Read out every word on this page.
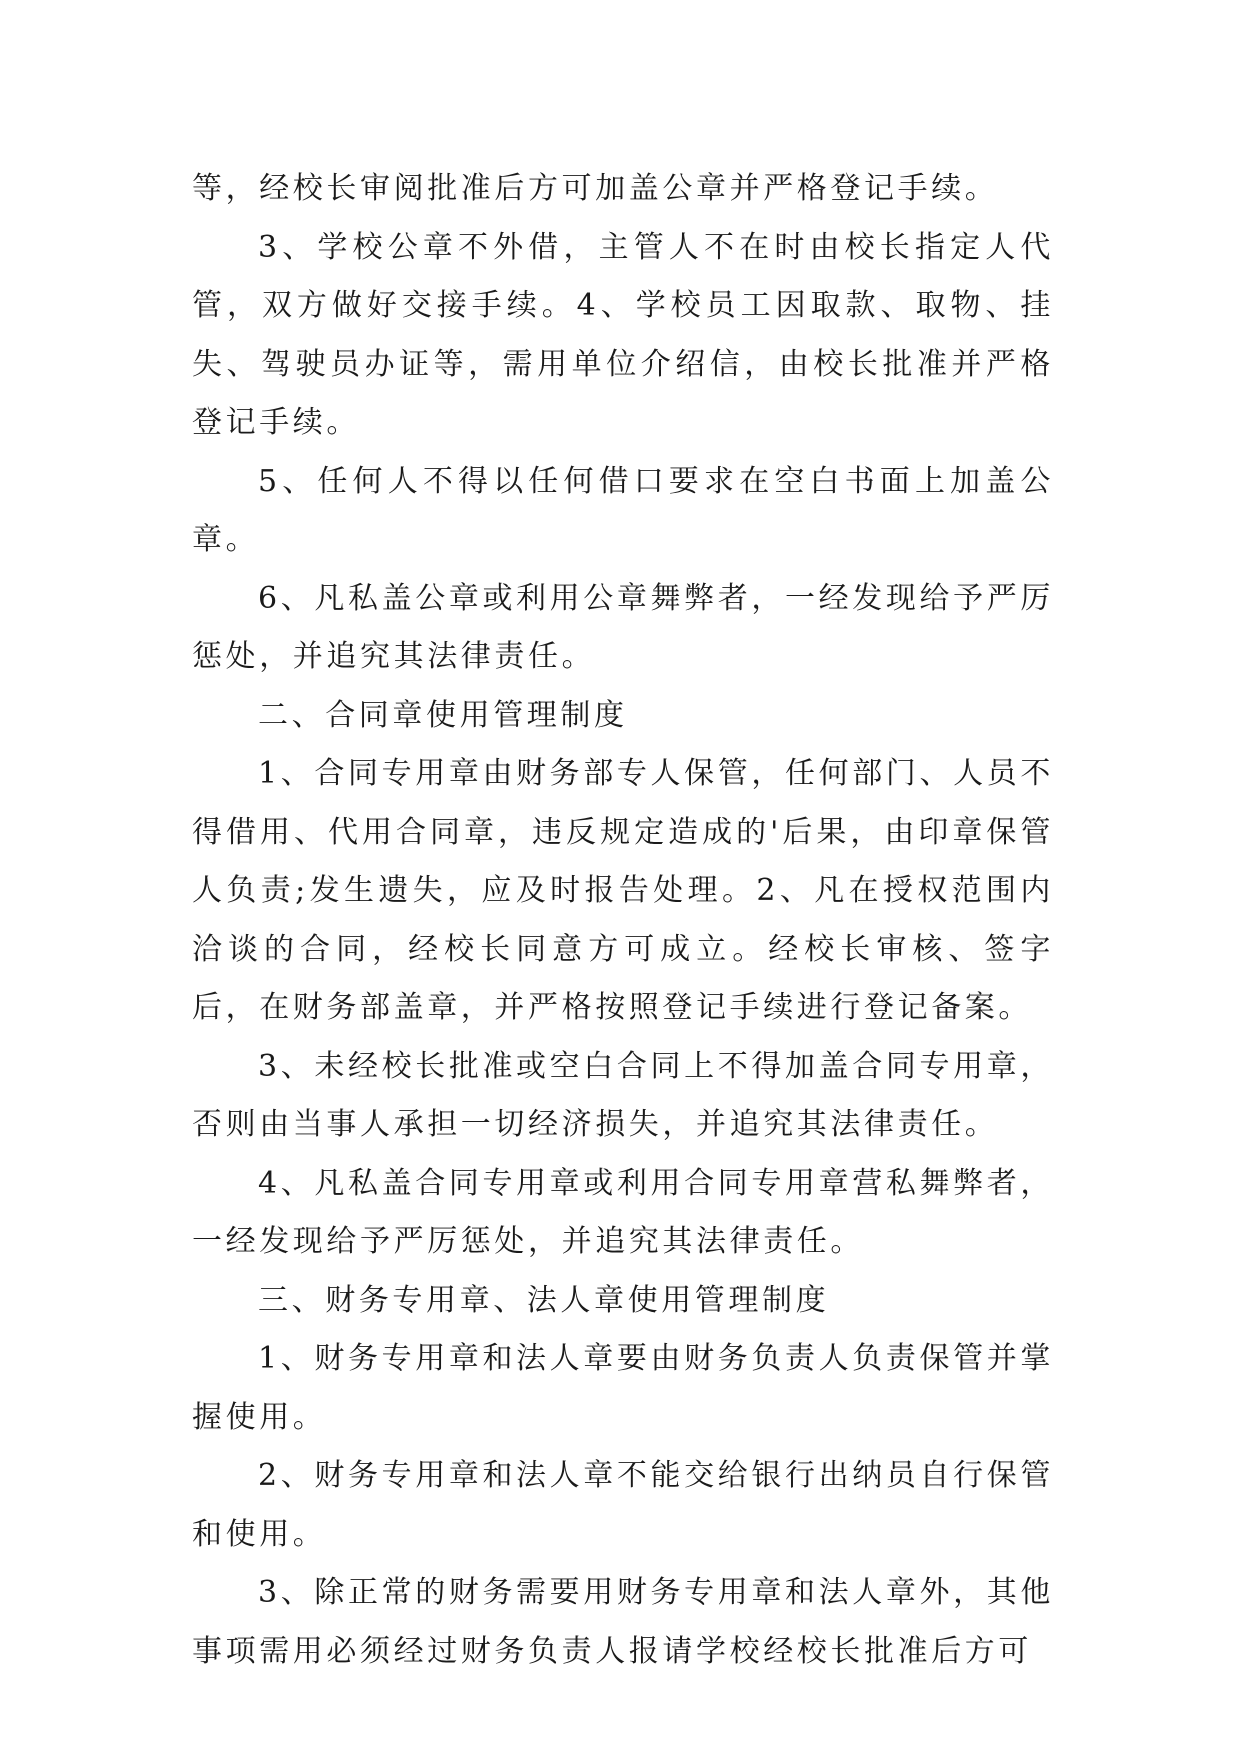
等，经校长审阅批准后方可加盖公章并严格登记手续。

3、学校公章不外借，主管人不在时由校长指定人代管，双方做好交接手续。4、学校员工因取款、取物、挂失、驾驶员办证等，需用单位介绍信，由校长批准并严格登记手续。

5、任何人不得以任何借口要求在空白书面上加盖公章。

6、凡私盖公章或利用公章舞弊者，一经发现给予严厉惩处，并追究其法律责任。

二、合同章使用管理制度

1、合同专用章由财务部专人保管，任何部门、人员不得借用、代用合同章，违反规定造成的'后果，由印章保管人负责;发生遗失，应及时报告处理。2、凡在授权范围内洽谈的合同，经校长同意方可成立。经校长审核、签字后，在财务部盖章，并严格按照登记手续进行登记备案。

3、未经校长批准或空白合同上不得加盖合同专用章，否则由当事人承担一切经济损失，并追究其法律责任。

4、凡私盖合同专用章或利用合同专用章营私舞弊者，一经发现给予严厉惩处，并追究其法律责任。

三、财务专用章、法人章使用管理制度

1、财务专用章和法人章要由财务负责人负责保管并掌握使用。

2、财务专用章和法人章不能交给银行出纳员自行保管和使用。

3、除正常的财务需要用财务专用章和法人章外，其他事项需用必须经过财务负责人报请学校经校长批准后方可
